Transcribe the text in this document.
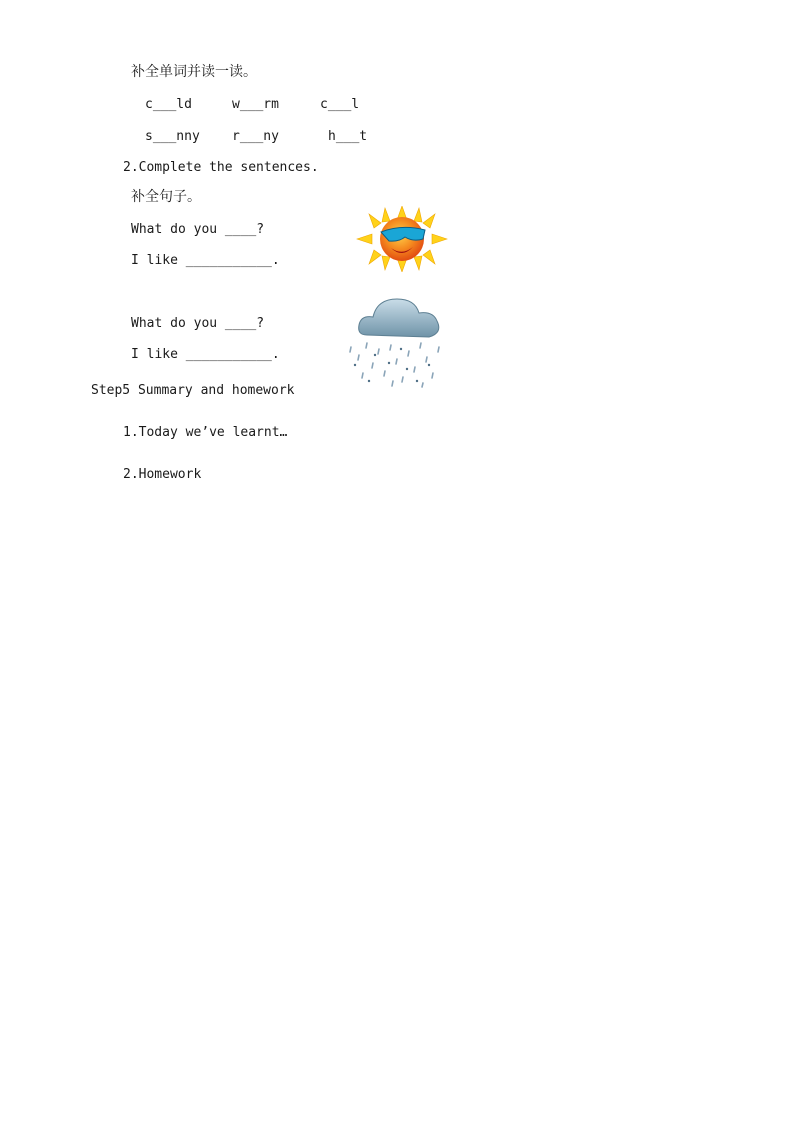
补全单词并读一读。
c___ld	w___rm	c___l
s___nny r___ny	h___t
2.Complete the sentences.
补全句子。
What do you ____?
I like ___________.
What do you ____?
I like ___________.
Step5 Summary and homework
1.Today we’ve learnt…
2.Homework
